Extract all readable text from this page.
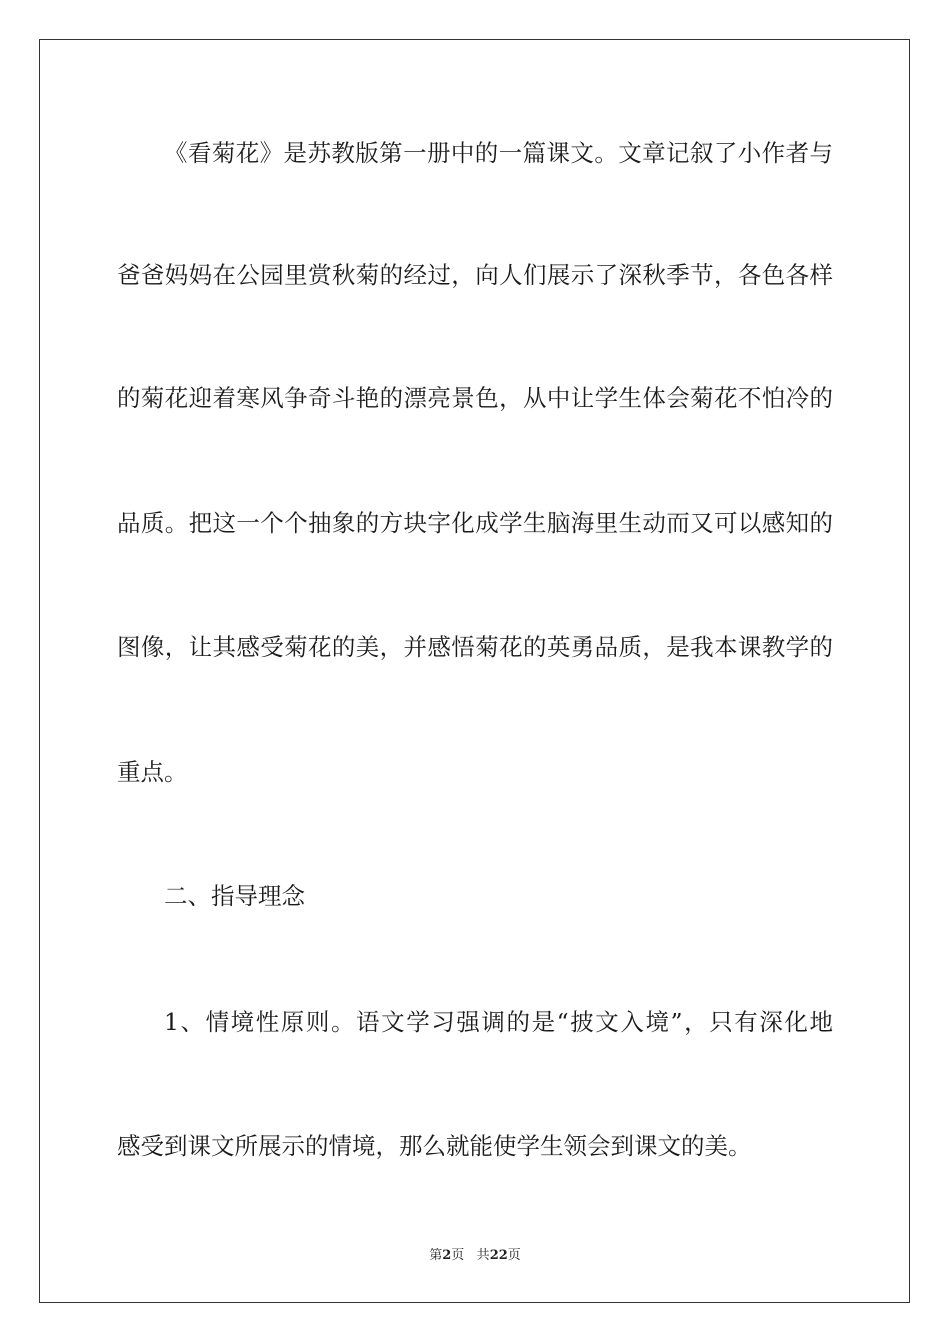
《看菊花》是苏教版第一册中的一篇课文。文章记叙了小作者与
爸爸妈妈在公园里赏秋菊的经过，向人们展示了深秋季节，各色各样
的菊花迎着寒风争奇斗艳的漂亮景色，从中让学生体会菊花不怕冷的
品质。把这一个个抽象的方块字化成学生脑海里生动而又可以感知的
图像，让其感受菊花的美，并感悟菊花的英勇品质，是我本课教学的
重点。
二、指导理念
1、情境性原则。语文学习强调的是“披文入境”，只有深化地
感受到课文所展示的情境，那么就能使学生领会到课文的美。
第2页 共22页
